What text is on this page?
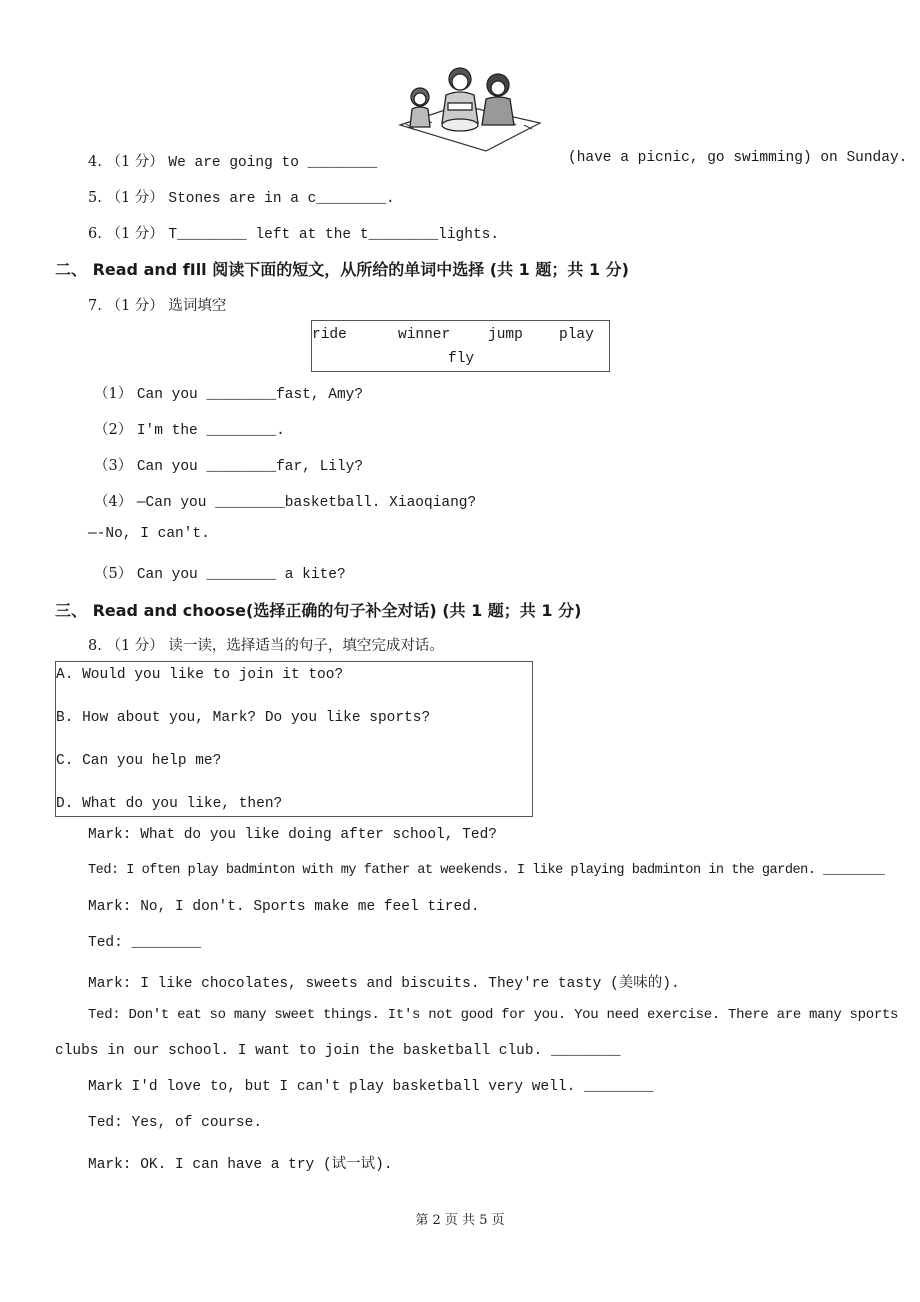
4. （1 分） We are going to ________	(have a picnic, go swimming) on Sunday.
5. （1 分） Stones are in a c________.
6. （1 分） T________ left at the t________lights.
二、 Read and fIll 阅读下面的短文，从所给的单词中选择 (共 1 题；共 1 分)
7. （1 分） 选词填空
ride	winner	jump play
fly
（1） Can you ________fast, Amy?
（2） I'm the ________.
（3） Can you ________far, Lily?
（4） —Can you ________basketball. Xiaoqiang?
—-No, I can't.
（5） Can you ________ a kite?
三、 Read and choose(选择正确的句子补全对话) (共 1 题；共 1 分)
8. （1 分） 读一读，选择适当的句子，填空完成对话。
A. Would you like to join it too?
B. How about you, Mark? Do you like sports?
C. Can you help me?
D. What do you like, then?
Mark: What do you like doing after school, Ted?
Ted: I often play badminton with my father at weekends. I like playing badminton in the garden. ________
Mark: No, I don't. Sports make me feel tired.
Ted: ________
Mark: I like chocolates, sweets and biscuits. They're tasty (美味的).
Ted: Don't eat so many sweet things. It's not good for you. You need exercise. There are many sports
clubs in our school. I want to join the basketball club. ________
Mark I'd love to, but I can't play basketball very well. ________
Ted: Yes, of course.
Mark: OK. I can have a try (试一试).
第 2 页 共 5 页
